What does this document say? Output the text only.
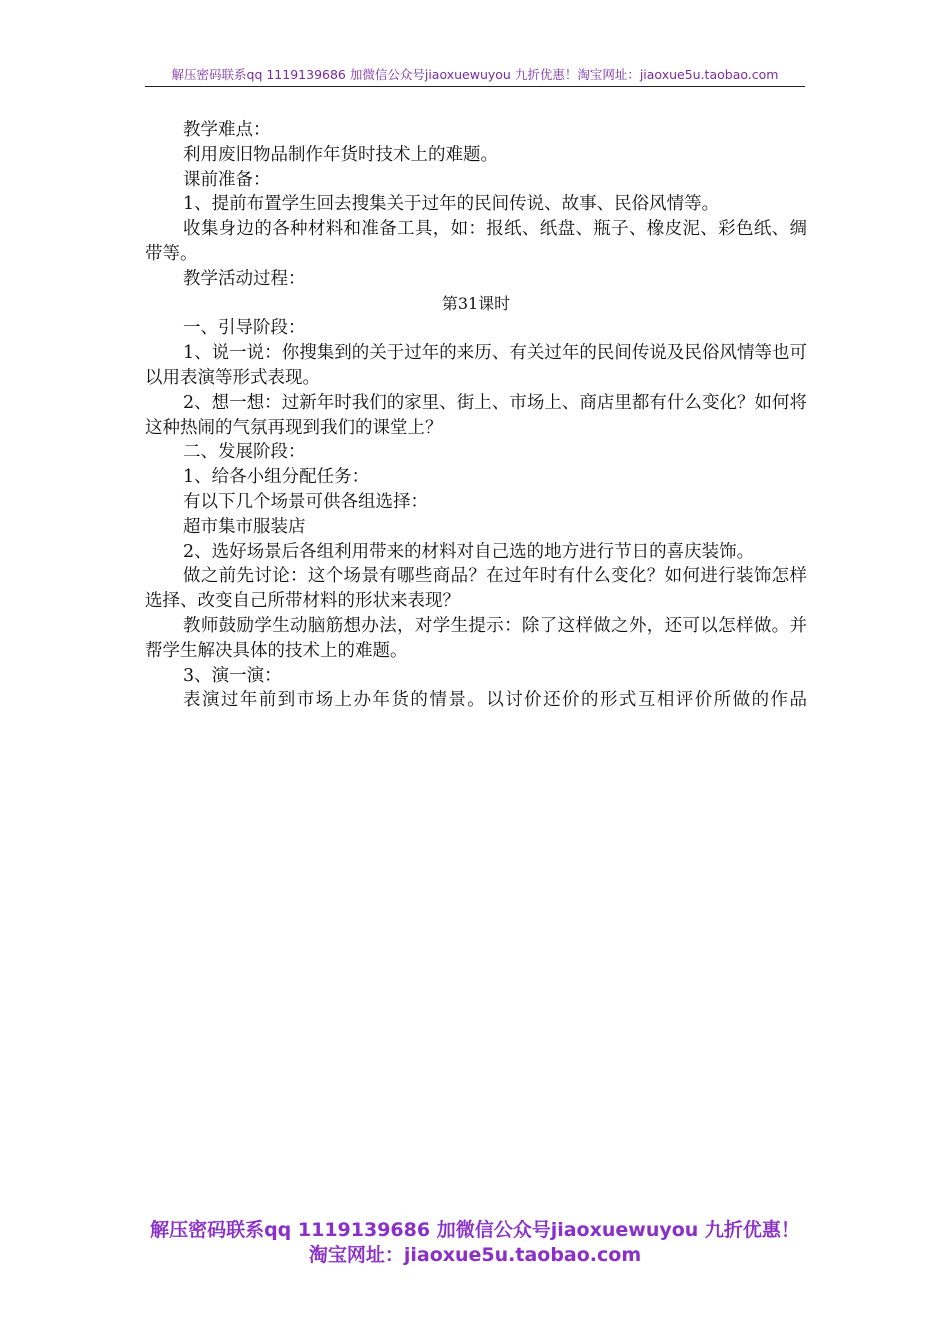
解压密码联系qq 1119139686 加微信公众号jiaoxuewuyou 九折优惠！淘宝网址：jiaoxue5u.taobao.com

教学难点：

利用废旧物品制作年货时技术上的难题。

课前准备：

1、提前布置学生回去搜集关于过年的民间传说、故事、民俗风情等。

收集身边的各种材料和准备工具，如：报纸、纸盘、瓶子、橡皮泥、彩色纸、绸带等。

教学活动过程：

第31课时

一、引导阶段：

1、说一说：你搜集到的关于过年的来历、有关过年的民间传说及民俗风情等也可以用表演等形式表现。

2、想一想：过新年时我们的家里、街上、市场上、商店里都有什么变化？如何将这种热闹的气氛再现到我们的课堂上？

二、发展阶段：

1、给各小组分配任务：

有以下几个场景可供各组选择：

超市集市服装店

2、选好场景后各组利用带来的材料对自己选的地方进行节日的喜庆装饰。

做之前先讨论：这个场景有哪些商品？在过年时有什么变化？如何进行装饰怎样选择、改变自己所带材料的形状来表现？

教师鼓励学生动脑筋想办法，对学生提示：除了这样做之外，还可以怎样做。并帮学生解决具体的技术上的难题。

3、演一演：

表演过年前到市场上办年货的情景。以讨价还价的形式互相评价所做的作品

解压密码联系qq 1119139686 加微信公众号jiaoxuewuyou 九折优惠！
淘宝网址：jiaoxue5u.taobao.com
